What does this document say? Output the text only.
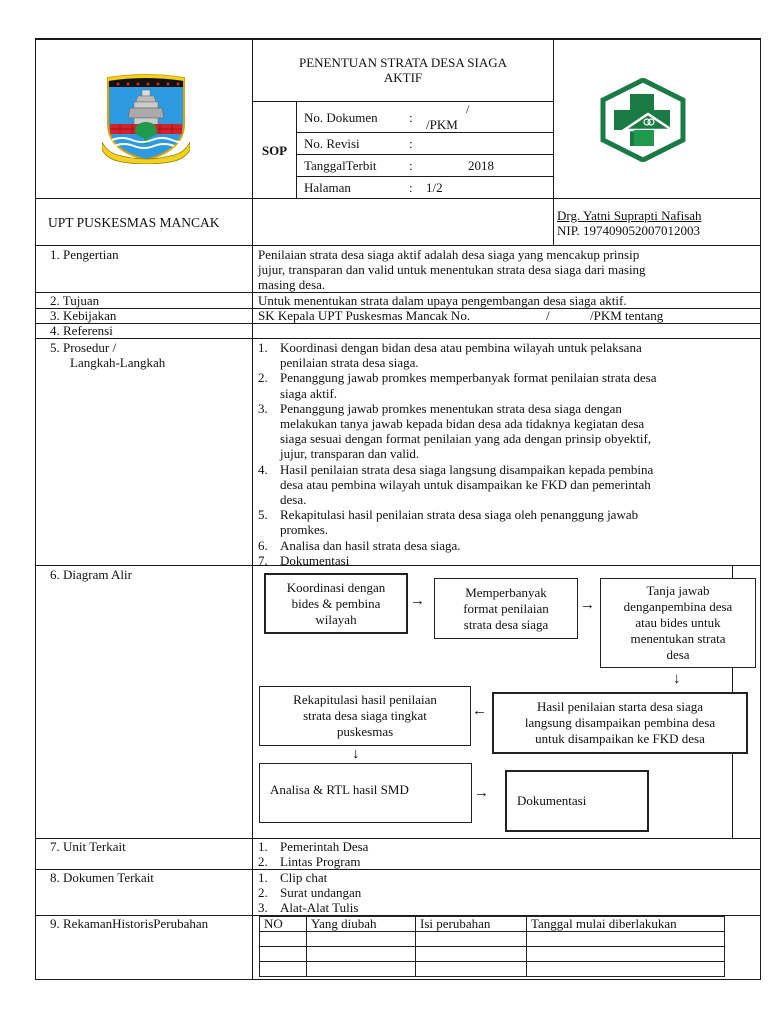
PENENTUAN STRATA DESA SIAGA
AKTIF
SOP
No. Dokumen :
/
/PKM
No. Revisi	:
TanggalTerbit :	2018
Halaman	: 1/2
UPT PUSKESMAS MANCAK	Drg. Yatni Suprapti Nafisah
NIP. 197409052007012003
1. Pengertian	Penilaian strata desa siaga aktif adalah desa siaga yang mencakup prinsip
jujur, transparan dan valid untuk menentukan strata desa siaga dari masing
masing desa.
2. Tujuan	Untuk menentukan strata dalam upaya pengembangan desa siaga aktif.
3. Kebijakan	SK Kepala UPT Puskesmas Mancak No.	/	/PKM tentang
4. Referensi
5. Prosedur /
Langkah-Langkah
1. Koordinasi dengan bidan desa atau pembina wilayah untuk pelaksana
penilaian strata desa siaga.
2. Penanggung jawab promkes memperbanyak format penilaian strata desa
siaga aktif.
3. Penanggung jawab promkes menentukan strata desa siaga dengan
melakukan tanya jawab kepada bidan desa ada tidaknya kegiatan desa
siaga sesuai dengan format penilaian yang ada dengan prinsip obyektif,
jujur, transparan dan valid.
4. Hasil penilaian strata desa siaga langsung disampaikan kepada pembina
desa atau pembina wilayah untuk disampaikan ke FKD dan pemerintah
desa.
5. Rekapitulasi hasil penilaian strata desa siaga oleh penanggung jawab
promkes.
6. Analisa dan hasil strata desa siaga.
7. Dokumentasi
6. Diagram Alir
Koordinasi dengan
bides & pembina
wilayah
→
Memperbanyak
format penilaian
strata desa siaga
→
Tanja jawab
denganpembina desa
atau bides untuk
menentukan strata
desa
↓
Hasil penilaian starta desa siaga
langsung disampaikan pembina desa
untuk disampaikan ke FKD desa
←
Rekapitulasi hasil penilaian
strata desa siaga tingkat
puskesmas
↓
Analisa & RTL hasil SMD	→	Dokumentasi
7. Unit Terkait	1. Pemerintah Desa
2. Lintas Program
8. Dokumen Terkait	1. Clip chat
2. Surat undangan
3. Alat-Alat Tulis
9. RekamanHistorisPerubahan	NO	Yang diubah	Isi perubahan	Tanggal mulai diberlakukan
